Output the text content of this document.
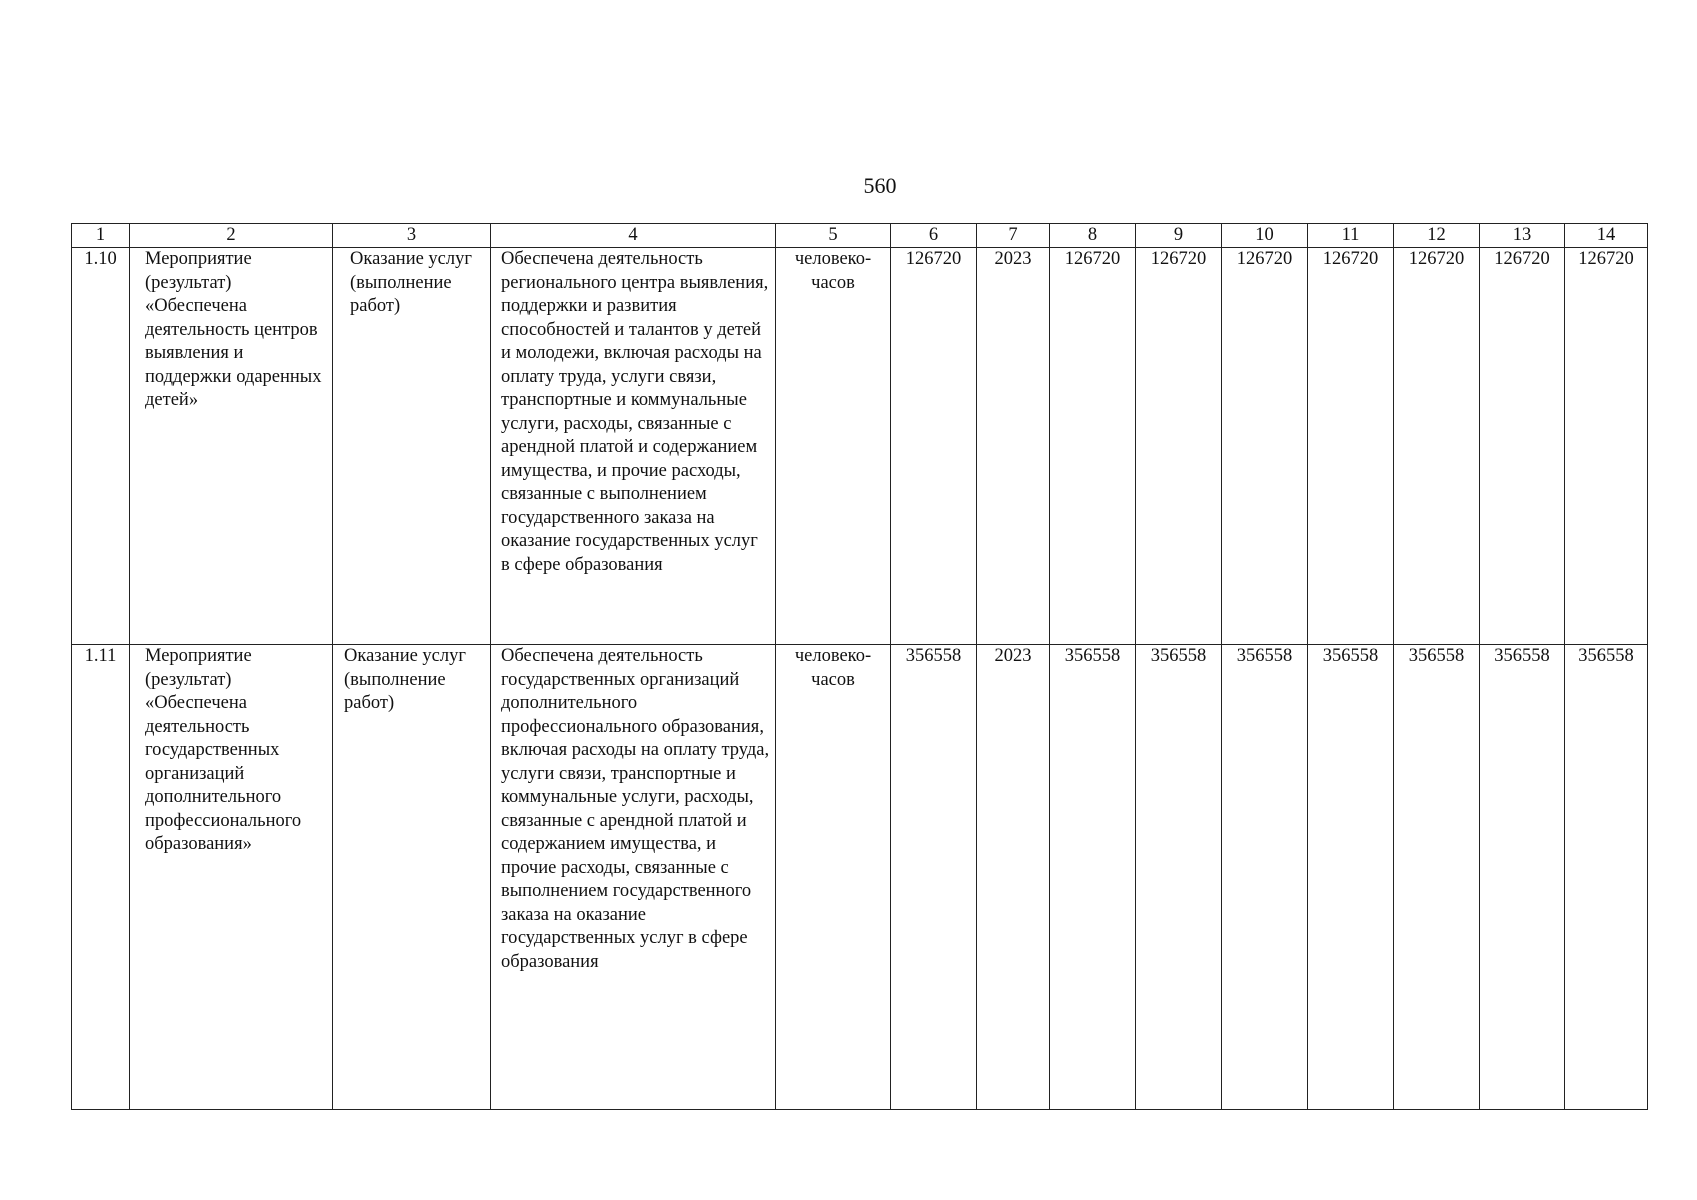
560
1	2	3	4	5	6	7	8	9	10	11	12	13	14
1.10	Мероприятие (результат) «Обеспечена деятельность центров выявления и поддержки одаренных детей»	Оказание услуг (выполнение работ)	Обеспечена деятельность регионального центра выявления, поддержки и развития способностей и талантов у детей и молодежи, включая расходы на оплату труда, услуги связи, транспортные и коммунальные услуги, расходы, связанные с арендной платой и содержанием имущества, и прочие расходы, связанные с выполнением государственного заказа на оказание государственных услуг в сфере образования	человеко-часов	126720	2023	126720	126720	126720	126720	126720	126720	126720
1.11	Мероприятие (результат) «Обеспечена деятельность государственных организаций дополнительного профессионального образования»	Оказание услуг (выполнение работ)	Обеспечена деятельность государственных организаций дополнительного профессионального образования, включая расходы на оплату труда, услуги связи, транспортные и коммунальные услуги, расходы, связанные с арендной платой и содержанием имущества, и прочие расходы, связанные с выполнением государственного заказа на оказание государственных услуг в сфере образования	человеко-часов	356558	2023	356558	356558	356558	356558	356558	356558	356558
